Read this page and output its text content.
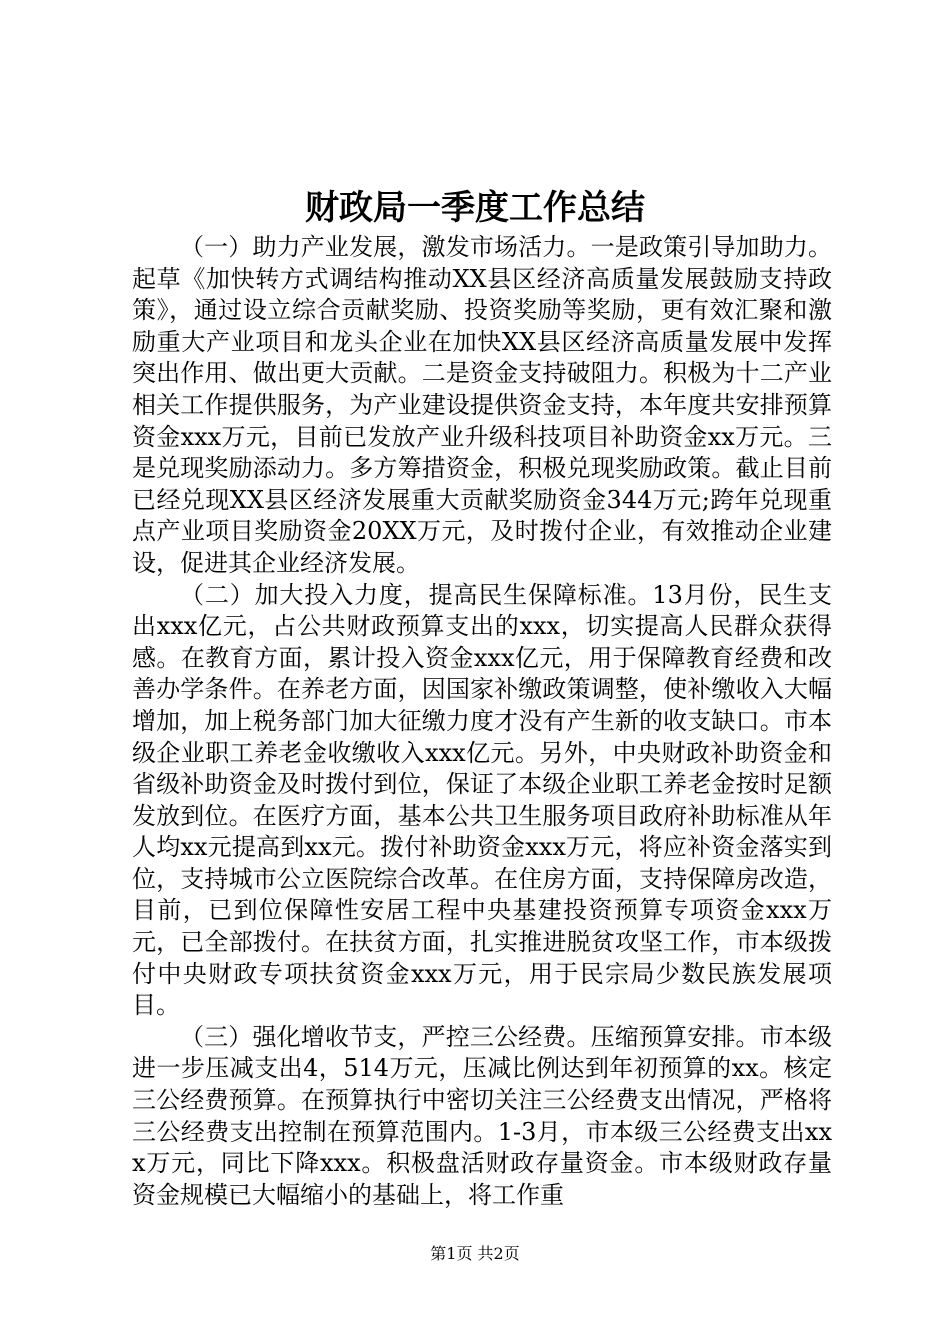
财政局一季度工作总结

（一）助力产业发展，激发市场活力。一是政策引导加助力。起草《加快转方式调结构推动XX县区经济高质量发展鼓励支持政策》，通过设立综合贡献奖励、投资奖励等奖励，更有效汇聚和激励重大产业项目和龙头企业在加快XX县区经济高质量发展中发挥突出作用、做出更大贡献。二是资金支持破阻力。积极为十二产业相关工作提供服务，为产业建设提供资金支持，本年度共安排预算资金xxx万元，目前已发放产业升级科技项目补助资金xx万元。三是兑现奖励添动力。多方筹措资金，积极兑现奖励政策。截止目前已经兑现XX县区经济发展重大贡献奖励资金344万元;跨年兑现重点产业项目奖励资金20XX万元，及时拨付企业，有效推动企业建设，促进其企业经济发展。

（二）加大投入力度，提高民生保障标准。13月份，民生支出xxx亿元，占公共财政预算支出的xxx，切实提高人民群众获得感。在教育方面，累计投入资金xxx亿元，用于保障教育经费和改善办学条件。在养老方面，因国家补缴政策调整，使补缴收入大幅增加，加上税务部门加大征缴力度才没有产生新的收支缺口。市本级企业职工养老金收缴收入xxx亿元。另外，中央财政补助资金和省级补助资金及时拨付到位，保证了本级企业职工养老金按时足额发放到位。在医疗方面，基本公共卫生服务项目政府补助标准从年人均xx元提高到xx元。拨付补助资金xxx万元，将应补资金落实到位，支持城市公立医院综合改革。在住房方面，支持保障房改造，目前，已到位保障性安居工程中央基建投资预算专项资金xxx万元，已全部拨付。在扶贫方面，扎实推进脱贫攻坚工作，市本级拨付中央财政专项扶贫资金xxx万元，用于民宗局少数民族发展项目。

（三）强化增收节支，严控三公经费。压缩预算安排。市本级进一步压减支出4，514万元，压减比例达到年初预算的xx。核定三公经费预算。在预算执行中密切关注三公经费支出情况，严格将三公经费支出控制在预算范围内。1-3月，市本级三公经费支出xxx万元，同比下降xxx。积极盘活财政存量资金。市本级财政存量资金规模已大幅缩小的基础上，将工作重

第1页 共2页
